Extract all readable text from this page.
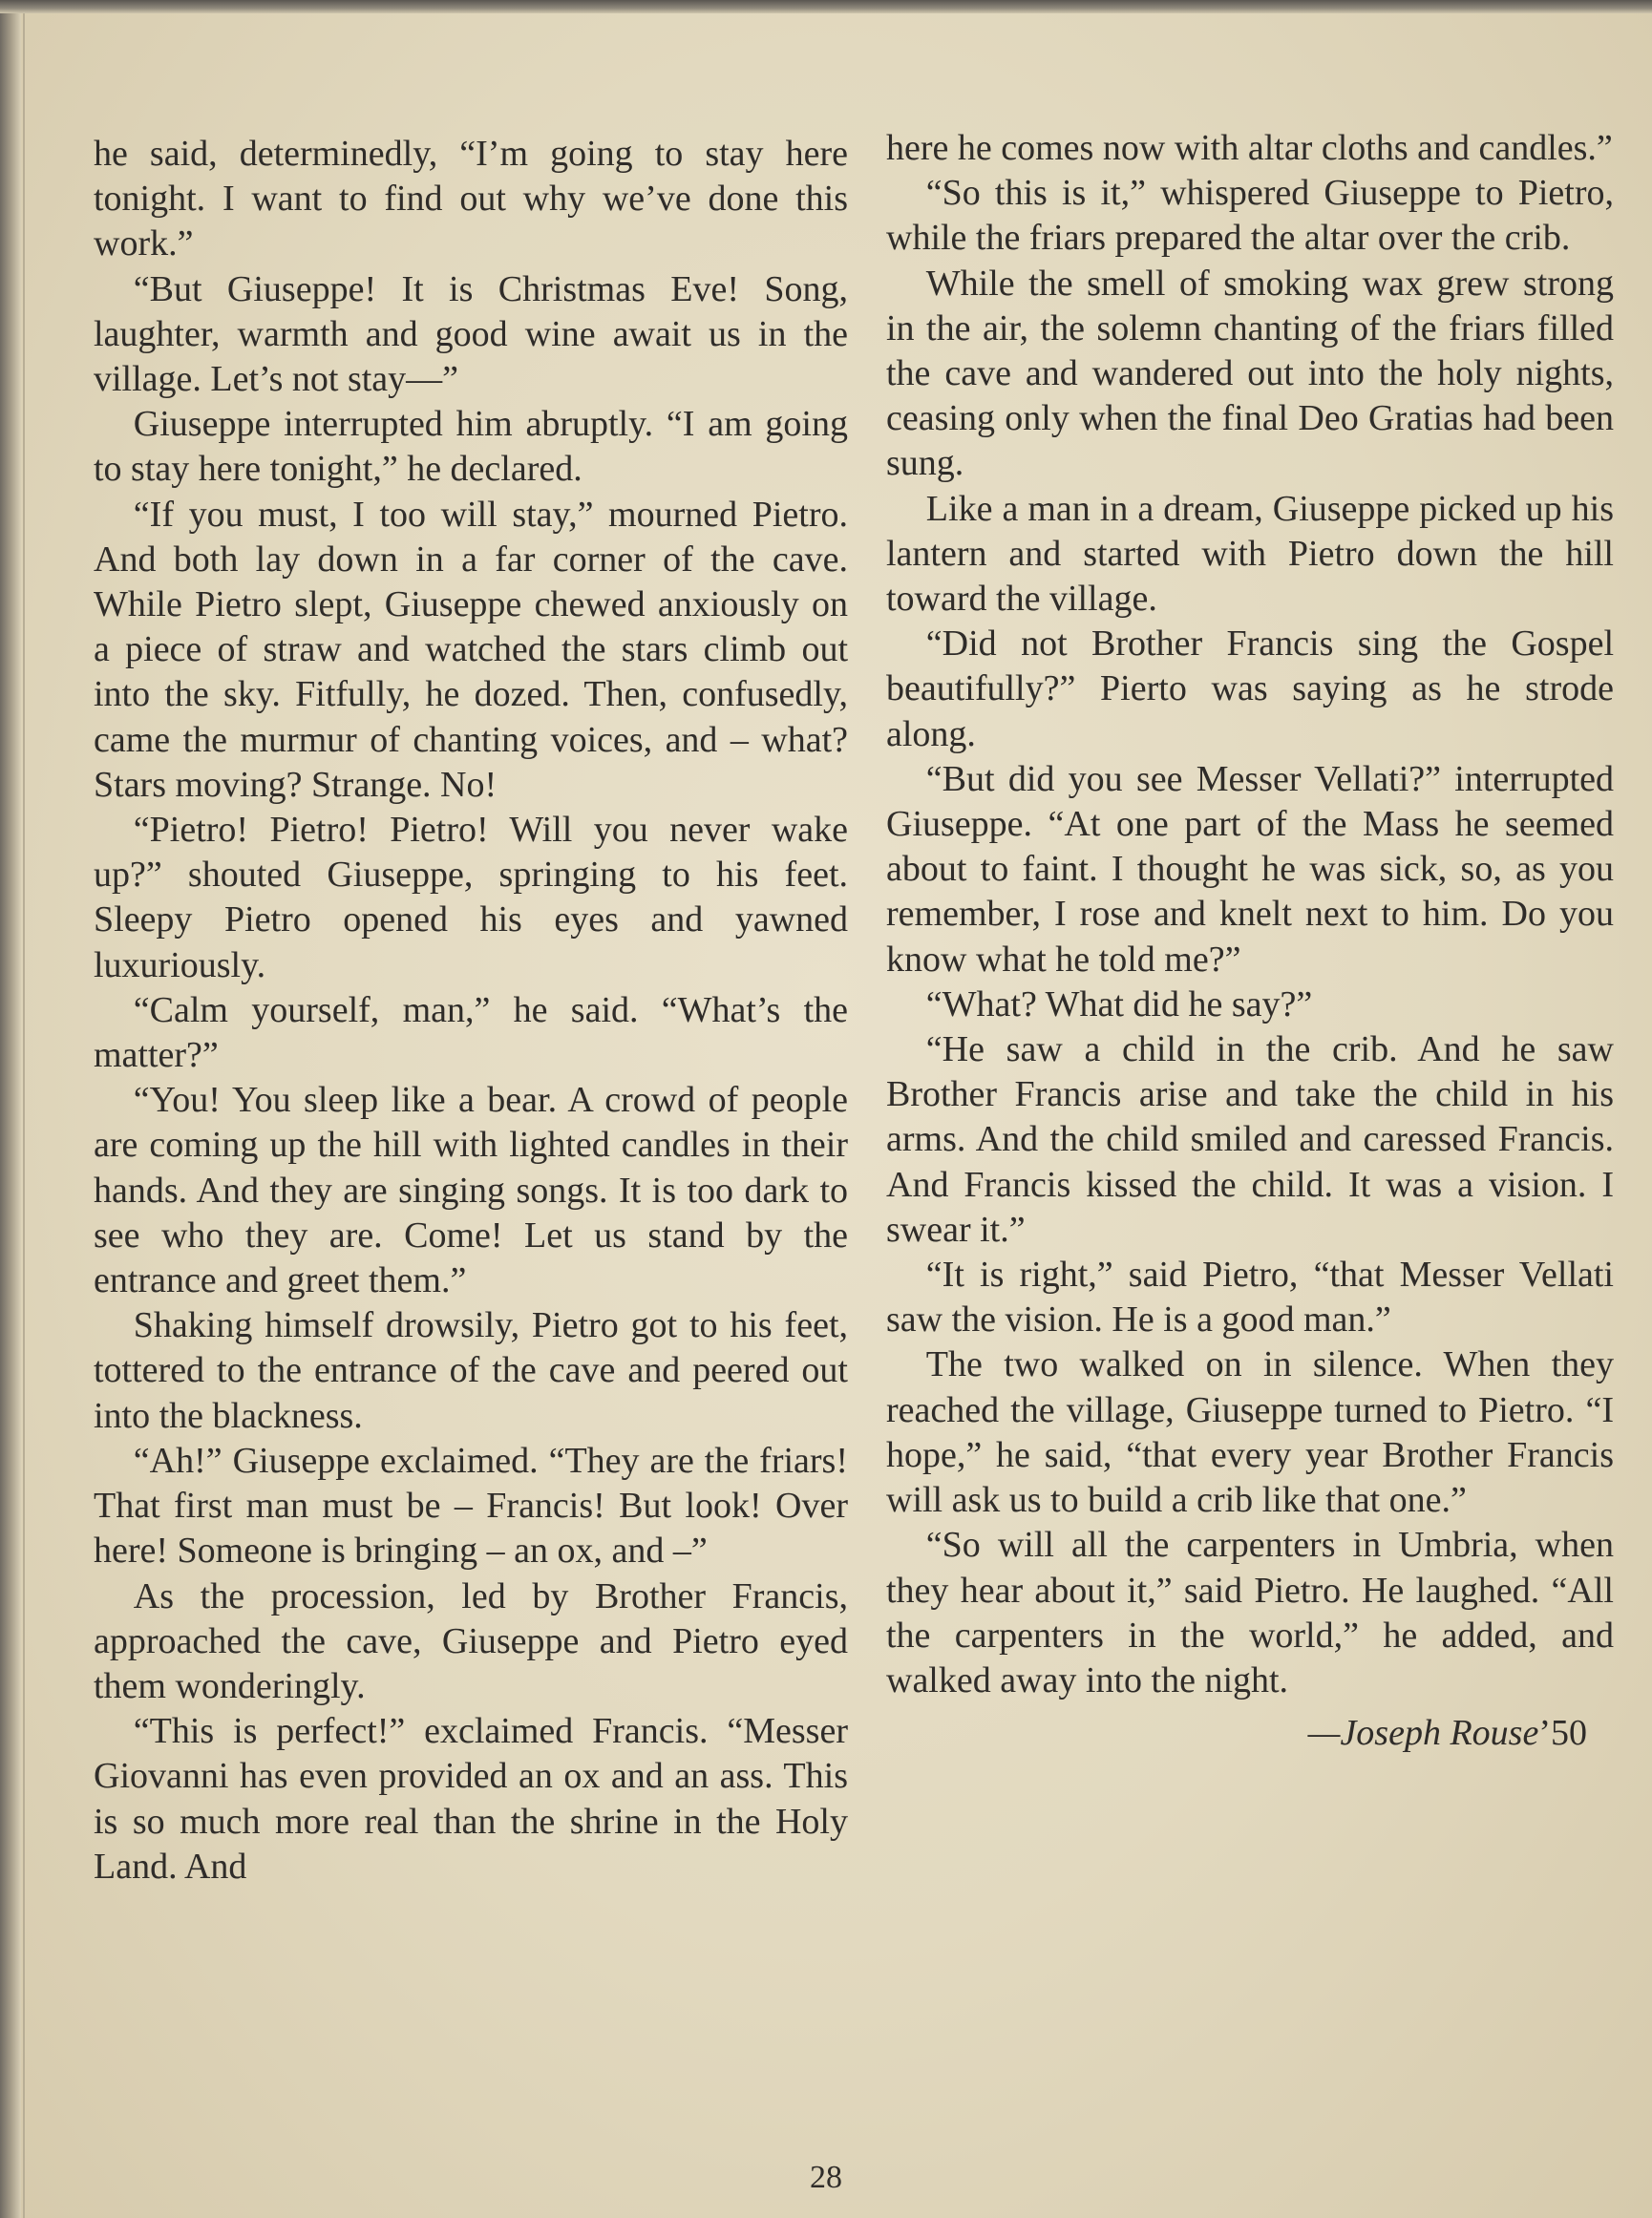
he said, determinedly, “I’m going to stay here tonight. I want to find out why we’ve done this work.”

“But Giuseppe! It is Christmas Eve! Song, laughter, warmth and good wine await us in the village. Let’s not stay—”

Giuseppe interrupted him abruptly. “I am going to stay here tonight,” he declared.

“If you must, I too will stay,” mourned Pietro. And both lay down in a far corner of the cave. While Pietro slept, Giuseppe chewed anxiously on a piece of straw and watched the stars climb out into the sky. Fitfully, he dozed. Then, confusedly, came the murmur of chanting voices, and – what? Stars moving? Strange. No!

“Pietro! Pietro! Pietro! Will you never wake up?” shouted Giuseppe, springing to his feet. Sleepy Pietro opened his eyes and yawned luxuriously.

“Calm yourself, man,” he said. “What’s the matter?”

“You! You sleep like a bear. A crowd of people are coming up the hill with lighted candles in their hands. And they are singing songs. It is too dark to see who they are. Come! Let us stand by the entrance and greet them.”

Shaking himself drowsily, Pietro got to his feet, tottered to the entrance of the cave and peered out into the blackness.

“Ah!” Giuseppe exclaimed. “They are the friars! That first man must be – Francis! But look! Over here! Someone is bringing – an ox, and –”

As the procession, led by Brother Francis, approached the cave, Giuseppe and Pietro eyed them wonderingly.

“This is perfect!” exclaimed Francis. “Messer Giovanni has even provided an ox and an ass. This is so much more real than the shrine in the Holy Land. And

here he comes now with altar cloths and candles.”

“So this is it,” whispered Giuseppe to Pietro, while the friars prepared the altar over the crib.

While the smell of smoking wax grew strong in the air, the solemn chanting of the friars filled the cave and wandered out into the holy nights, ceasing only when the final Deo Gratias had been sung.

Like a man in a dream, Giuseppe picked up his lantern and started with Pietro down the hill toward the village.

“Did not Brother Francis sing the Gospel beautifully?” Pierto was saying as he strode along.

“But did you see Messer Vellati?” interrupted Giuseppe. “At one part of the Mass he seemed about to faint. I thought he was sick, so, as you remember, I rose and knelt next to him. Do you know what he told me?”

“What? What did he say?”

“He saw a child in the crib. And he saw Brother Francis arise and take the child in his arms. And the child smiled and caressed Francis. And Francis kissed the child. It was a vision. I swear it.”

“It is right,” said Pietro, “that Messer Vellati saw the vision. He is a good man.”

The two walked on in silence. When they reached the village, Giuseppe turned to Pietro. “I hope,” he said, “that every year Brother Francis will ask us to build a crib like that one.”

“So will all the carpenters in Umbria, when they hear about it,” said Pietro. He laughed. “All the carpenters in the world,” he added, and walked away into the night.

—Joseph Rouse’50

28
